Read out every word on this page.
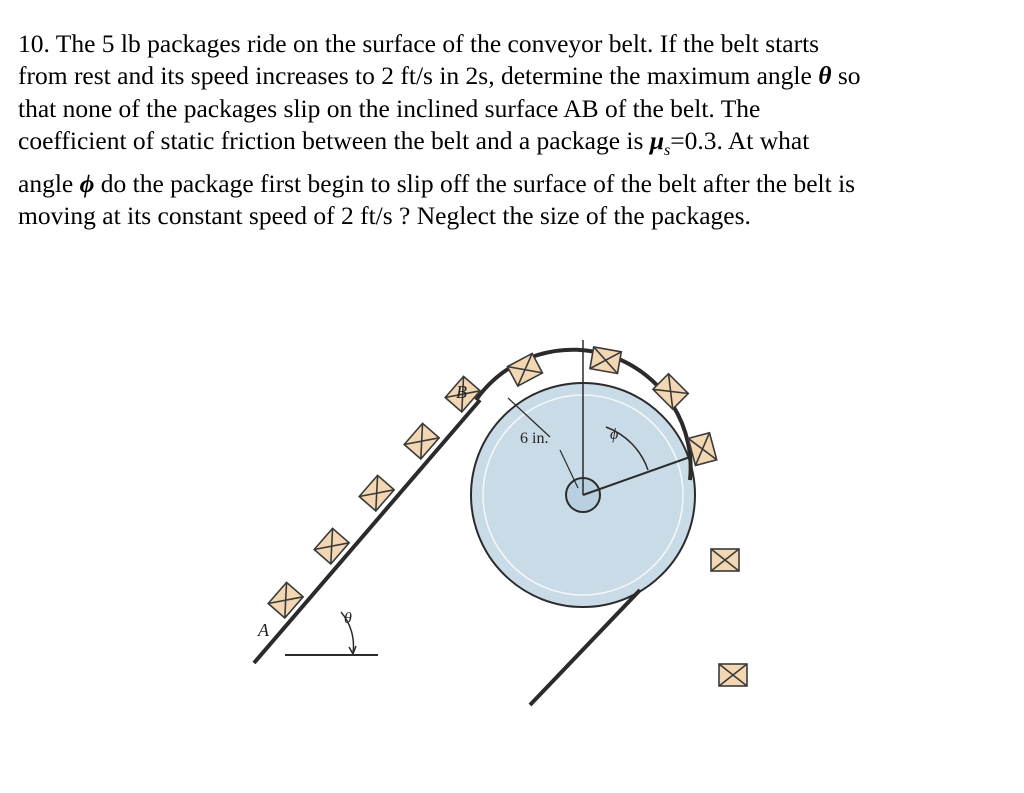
10. The 5 lb packages ride on the surface of the conveyor belt. If the belt starts
from rest and its speed increases to 2 ft/s in 2s, determine the maximum angle θ so
that none of the packages slip on the inclined surface AB of the belt. The
coefficient of static friction between the belt and a package is $\mu_s=0.3$. At what
angle ϕ do the package first begin to slip off the surface of the belt after the belt is
moving at its constant speed of 2 ft/s ? Neglect the size of the packages.
A
B
θ
ϕ
6 in.
